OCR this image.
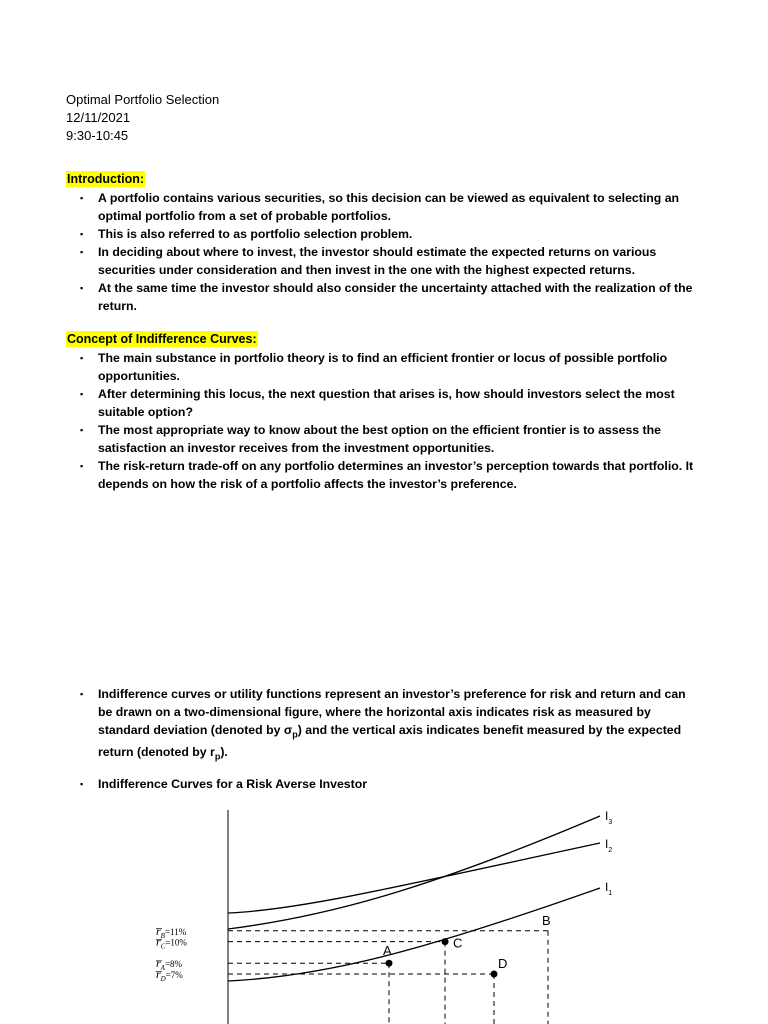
Optimal Portfolio Selection
12/11/2021
9:30-10:45
Introduction:
▪ A portfolio contains various securities, so this decision can be viewed as equivalent to selecting an optimal portfolio from a set of probable portfolios.
▪ This is also referred to as portfolio selection problem.
▪ In deciding about where to invest, the investor should estimate the expected returns on various securities under consideration and then invest in the one with the highest expected returns.
▪ At the same time the investor should also consider the uncertainty attached with the realization of the return.
Concept of Indifference Curves:
▪ The main substance in portfolio theory is to find an efficient frontier or locus of possible portfolio opportunities.
▪ After determining this locus, the next question that arises is, how should investors select the most suitable option?
▪ The most appropriate way to know about the best option on the efficient frontier is to assess the satisfaction an investor receives from the investment opportunities.
▪ The risk-return trade-off on any portfolio determines an investor’s perception towards that portfolio. It depends on how the risk of a portfolio affects the investor’s preference.
▪ Indifference curves or utility functions represent an investor’s preference for risk and return and can be drawn on a two-dimensional figure, where the horizontal axis indicates risk as measured by standard deviation (denoted by $\sigma_p$) and the vertical axis indicates benefit measured by the expected return (denoted by $r_p$).
▪ Indifference Curves for a Risk Averse Investor
$I_1$
$I_2$
$I_3$
$r̅_A^{=8\%}$
$r̅_B^{=11\%}$
$r̅_C^{=10\%}$
$r̅_D^{=7\%}$
A
B
C
D
